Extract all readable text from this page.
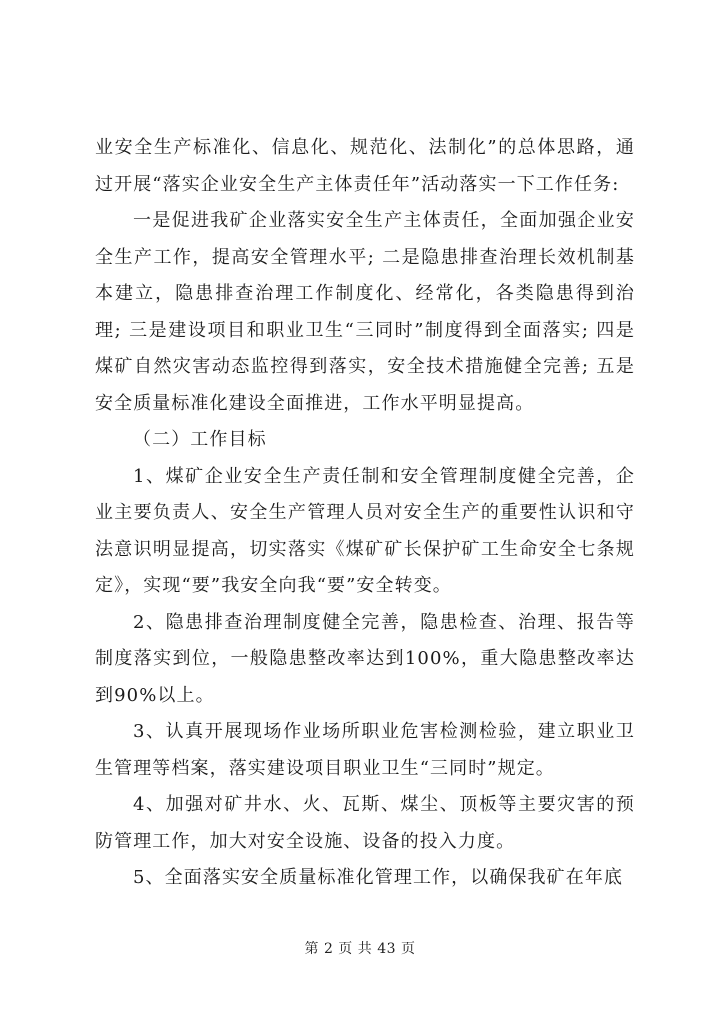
业安全生产标准化、信息化、规范化、法制化”的总体思路，通过开展“落实企业安全生产主体责任年”活动落实一下工作任务:

一是促进我矿企业落实安全生产主体责任，全面加强企业安全生产工作，提高安全管理水平; 二是隐患排查治理长效机制基本建立，隐患排查治理工作制度化、经常化，各类隐患得到治理; 三是建设项目和职业卫生“三同时”制度得到全面落实; 四是煤矿自然灾害动态监控得到落实，安全技术措施健全完善; 五是安全质量标准化建设全面推进，工作水平明显提高。

（二）工作目标

1、煤矿企业安全生产责任制和安全管理制度健全完善，企业主要负责人、安全生产管理人员对安全生产的重要性认识和守法意识明显提高，切实落实《煤矿矿长保护矿工生命安全七条规定》，实现“要”我安全向我“要”安全转变。

2、隐患排查治理制度健全完善，隐患检查、治理、报告等制度落实到位，一般隐患整改率达到100%，重大隐患整改率达到90%以上。

3、认真开展现场作业场所职业危害检测检验，建立职业卫生管理等档案，落实建设项目职业卫生“三同时”规定。

4、加强对矿井水、火、瓦斯、煤尘、顶板等主要灾害的预防管理工作，加大对安全设施、设备的投入力度。

5、全面落实安全质量标准化管理工作，以确保我矿在年底

第 2 页 共 43 页
